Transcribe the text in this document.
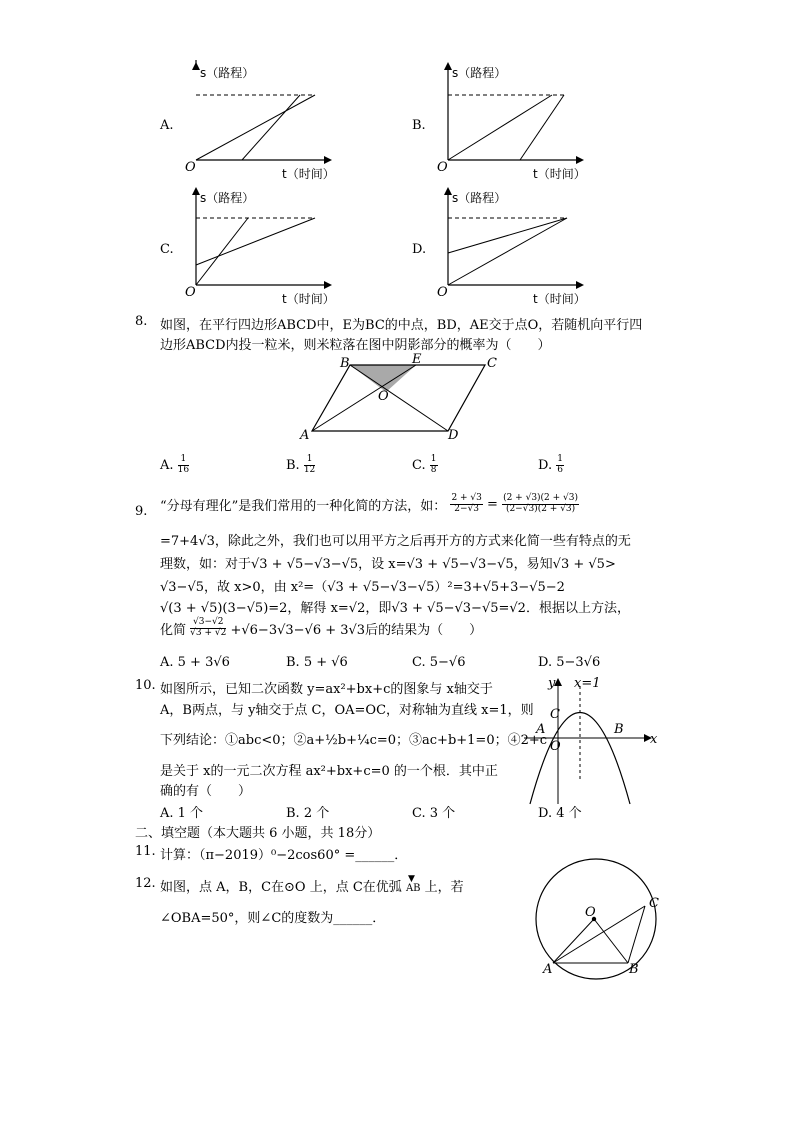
s（路程）
t（时间）
O
A.
s（路程）
t（时间）
O
B.
s（路程）
t（时间）
O
C.
s（路程）
t（时间）
O
D.
8. 如图，在平行四边形ABCD中，E为BC的中点，BD，AE交于点O，若随机向平行四
边形ABCD内投一粒米，则米粒落在图中阴影部分的概率为（　　）
B	E	C
O
A	D
A. $\frac{1}{16}$	B. $\frac{1}{12}$	C. $\frac{1}{8}$	D. $\frac{1}{6}$
9. “分母有理化”是我们常用的一种化简的方法，如： $\frac{2 + √3}{2-√3} = \frac{(2 + √3)(2 + √3)}{(2-√3)(2 + √3)}$
=7+4√3，除此之外，我们也可以用平方之后再开方的方式来化简一些有特点的无
理数，如：对于√3 + √5−√3−√5，设 x=√3 + √5−√3−√5，易知√3 + √5>
√3−√5，故 x>0，由 x²=（√3 + √5−√3−√5）²=3+√5+3−√5−2
√(3 + √5)(3−√5)=2，解得 x=√2，即√3 + √5−√3−√5=√2．根据以上方法，
化简 $\frac{√3-√2}{√3 + √2} +√6-3√3-√6 + 3√3$后的结果为（　　）
A. 5 + 3√6	B. 5 + √6	C. 5−√6	D. 5−3√6
10. 如图所示，已知二次函数 y=ax²+bx+c的图象与 x轴交于
A，B两点，与 y轴交于点 C，OA=OC，对称轴为直线 x=1，则
下列结论：①abc<0；②a+½b+¼c=0；③ac+b+1=0；④2+c
是关于 x的一元二次方程 ax²+bx+c=0 的一个根．其中正
确的有（　　）
y x=1
C
A	B
O	x
A. 1 个	B. 2 个	C. 3 个	D. 4 个
二、填空题（本大题共 6 小题，共 18分）
11. 计算：（π−2019）⁰−2cos60° =______．
12. 如图，点 A，B，C在⊙O 上，点 C在优弧
▼
AB 上，若
∠OBA=50°，则∠C的度数为______．	O
C
A	B
